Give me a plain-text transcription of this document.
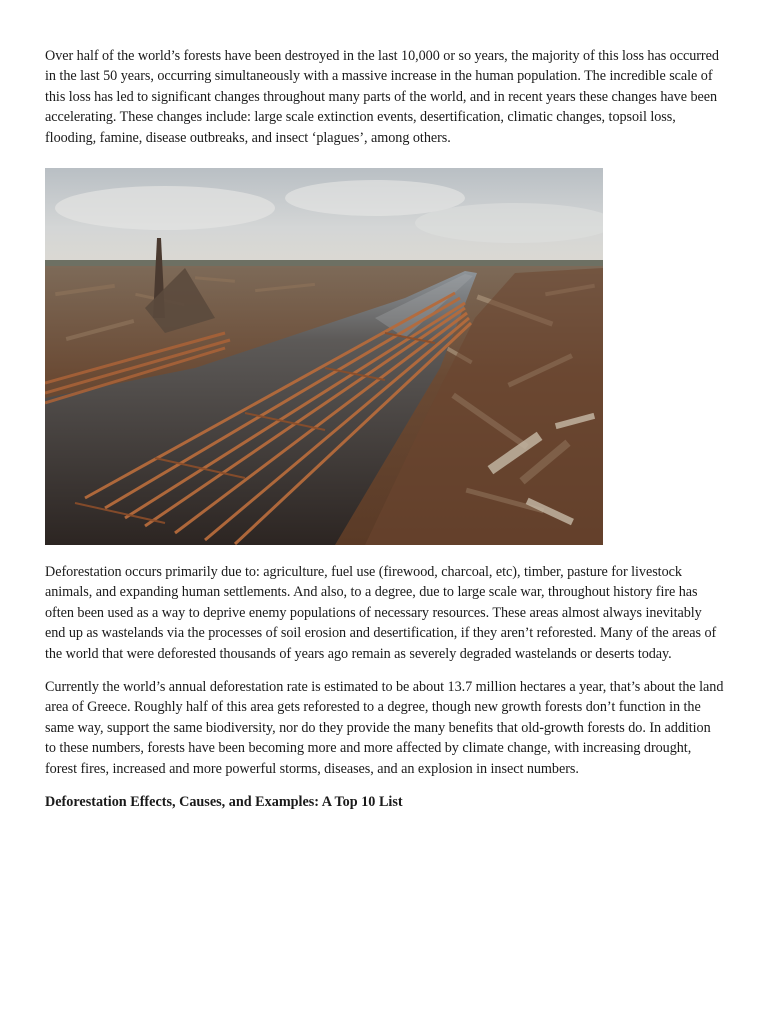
Over half of the world’s forests have been destroyed in the last 10,000 or so years, the majority of this loss has occurred in the last 50 years, occurring simultaneously with a massive increase in the human population. The incredible scale of this loss has led to significant changes throughout many parts of the world, and in recent years these changes have been accelerating. These changes include: large scale extinction events, desertification, climatic changes, topsoil loss, flooding, famine, disease outbreaks, and insect ‘plagues’, among others.

Deforestation occurs primarily due to: agriculture, fuel use (firewood, charcoal, etc), timber, pasture for livestock animals, and expanding human settlements. And also, to a degree, due to large scale war, throughout history fire has often been used as a way to deprive enemy populations of necessary resources. These areas almost always inevitably end up as wastelands via the processes of soil erosion and desertification, if they aren’t reforested. Many of the areas of the world that were deforested thousands of years ago remain as severely degraded wastelands or deserts today.

Currently the world’s annual deforestation rate is estimated to be about 13.7 million hectares a year, that’s about the land area of Greece. Roughly half of this area gets reforested to a degree, though new growth forests don’t function in the same way, support the same biodiversity, nor do they provide the many benefits that old-growth forests do. In addition to these numbers, forests have been becoming more and more affected by climate change, with increasing drought, forest fires, increased and more powerful storms, diseases, and an explosion in insect numbers.

Deforestation Effects, Causes, and Examples: A Top 10 List
